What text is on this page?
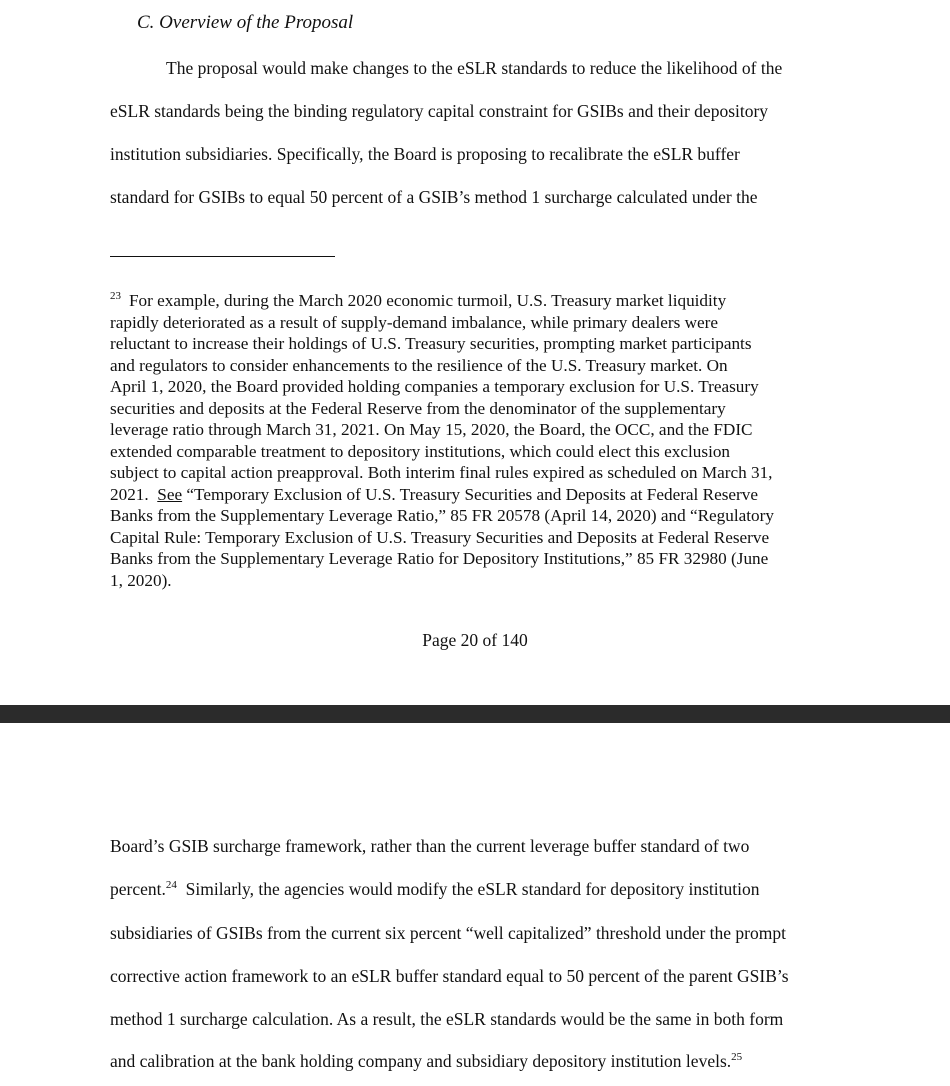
C. Overview of the Proposal
The proposal would make changes to the eSLR standards to reduce the likelihood of the
eSLR standards being the binding regulatory capital constraint for GSIBs and their depository
institution subsidiaries. Specifically, the Board is proposing to recalibrate the eSLR buffer
standard for GSIBs to equal 50 percent of a GSIB’s method 1 surcharge calculated under the
23 For example, during the March 2020 economic turmoil, U.S. Treasury market liquidity
rapidly deteriorated as a result of supply-demand imbalance, while primary dealers were
reluctant to increase their holdings of U.S. Treasury securities, prompting market participants
and regulators to consider enhancements to the resilience of the U.S. Treasury market. On
April 1, 2020, the Board provided holding companies a temporary exclusion for U.S. Treasury
securities and deposits at the Federal Reserve from the denominator of the supplementary
leverage ratio through March 31, 2021. On May 15, 2020, the Board, the OCC, and the FDIC
extended comparable treatment to depository institutions, which could elect this exclusion
subject to capital action preapproval. Both interim final rules expired as scheduled on March 31,
2021.  See “Temporary Exclusion of U.S. Treasury Securities and Deposits at Federal Reserve
Banks from the Supplementary Leverage Ratio,” 85 FR 20578 (April 14, 2020) and “Regulatory
Capital Rule: Temporary Exclusion of U.S. Treasury Securities and Deposits at Federal Reserve
Banks from the Supplementary Leverage Ratio for Depository Institutions,” 85 FR 32980 (June
1, 2020).
Page 20 of 140
Board’s GSIB surcharge framework, rather than the current leverage buffer standard of two
percent.$^{24}$  Similarly, the agencies would modify the eSLR standard for depository institution
subsidiaries of GSIBs from the current six percent “well capitalized” threshold under the prompt
corrective action framework to an eSLR buffer standard equal to 50 percent of the parent GSIB’s
method 1 surcharge calculation. As a result, the eSLR standards would be the same in both form
and calibration at the bank holding company and subsidiary depository institution levels.$^{25}$
